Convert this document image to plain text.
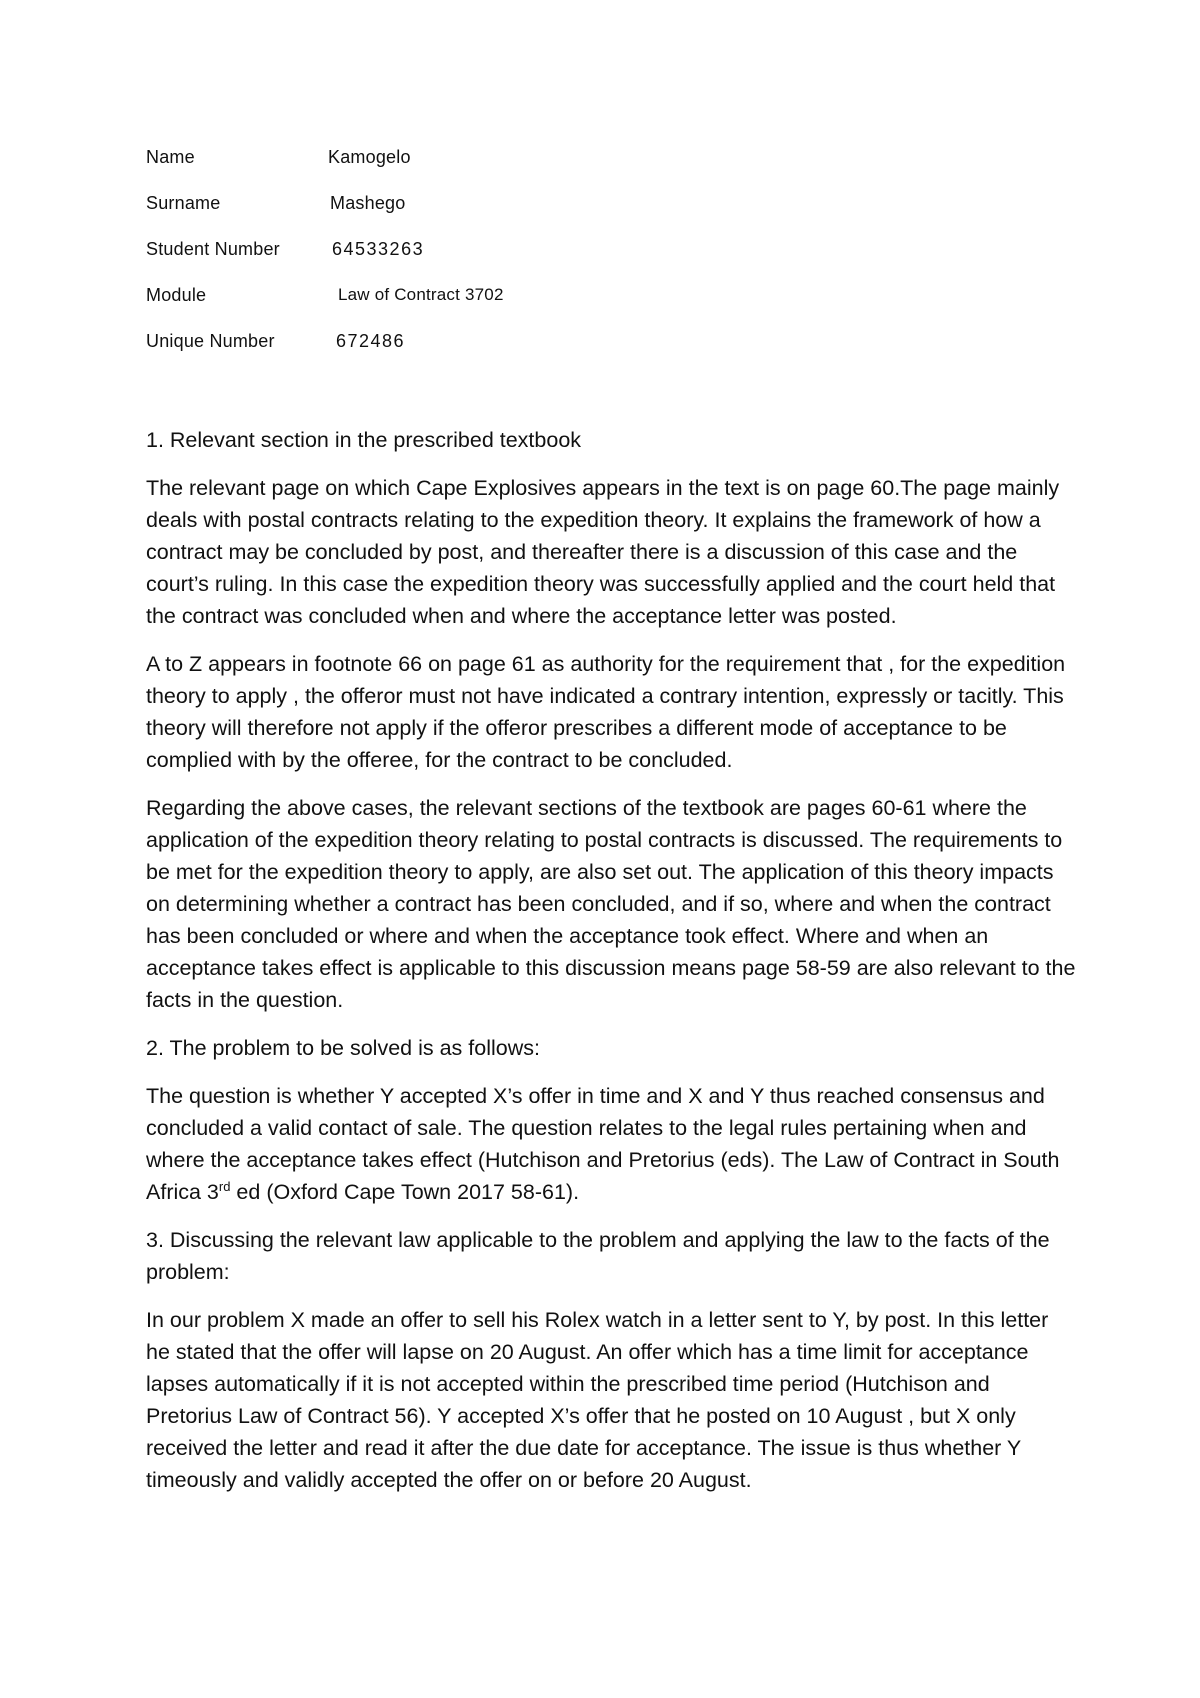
Name	Kamogelo
Surname	Mashego
Student Number	64533263
Module	Law of Contract 3702
Unique Number	672486

1. Relevant section in the prescribed textbook

The relevant page on which Cape Explosives appears in the text is on page 60.The page mainly deals with postal contracts relating to the expedition theory. It explains the framework of how a contract may be concluded by post, and thereafter there is a discussion of this case and the court’s ruling. In this case the expedition theory was successfully applied and the court held that the contract was concluded when and where the acceptance letter was posted.

A to Z appears in footnote 66 on page 61 as authority for the requirement that , for the expedition theory to apply , the offeror must not have indicated a contrary intention, expressly or tacitly. This theory will therefore not apply if the offeror prescribes a different mode of acceptance to be complied with by the offeree, for the contract to be concluded.

Regarding the above cases, the relevant sections of the textbook are pages 60-61 where the application of the expedition theory relating to postal contracts is discussed. The requirements to be met for the expedition theory to apply, are also set out. The application of this theory impacts on determining whether a contract has been concluded, and if so, where and when the contract has been concluded or where and when the acceptance took effect. Where and when an acceptance takes effect is applicable to this discussion means page 58-59 are also relevant to the facts in the question.

2. The problem to be solved is as follows:

The question is whether Y accepted X’s offer in time and X and Y thus reached consensus and concluded a valid contact of sale. The question relates to the legal rules pertaining when and where the acceptance takes effect (Hutchison and Pretorius (eds). The Law of Contract in South Africa 3rd ed (Oxford Cape Town 2017 58-61).

3. Discussing the relevant law applicable to the problem and applying the law to the facts of the problem:

In our problem X made an offer to sell his Rolex watch in a letter sent to Y, by post. In this letter he stated that the offer will lapse on 20 August. An offer which has a time limit for acceptance lapses automatically if it is not accepted within the prescribed time period (Hutchison and Pretorius Law of Contract 56). Y accepted X’s offer that he posted on 10 August , but X only received the letter and read it after the due date for acceptance. The issue is thus whether Y timeously and validly accepted the offer on or before 20 August.
